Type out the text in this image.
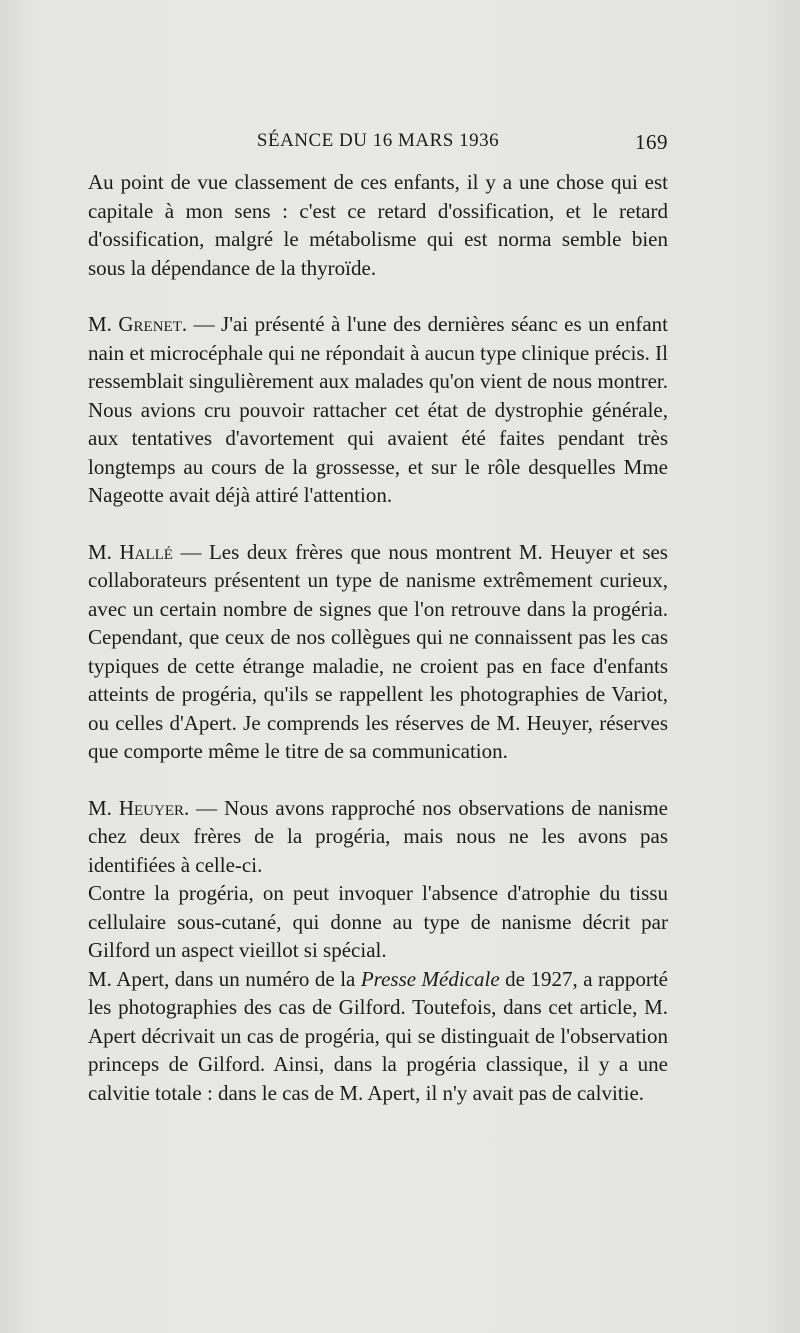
SÉANCE DU 16 MARS 1936	169

Au point de vue classement de ces enfants, il y a une chose qui est capitale à mon sens : c'est ce retard d'ossification, et le retard d'ossification, malgré le métabolisme qui est norma semble bien sous la dépendance de la thyroïde.

M. Grenet. — J'ai présenté à l'une des dernières séanc es un enfant nain et microcéphale qui ne répondait à aucun type clinique précis. Il ressemblait singulièrement aux malades qu'on vient de nous montrer. Nous avions cru pouvoir rattacher cet état de dystrophie générale, aux tentatives d'avortement qui avaient été faites pendant très longtemps au cours de la grossesse, et sur le rôle desquelles Mme Nageotte avait déjà attiré l'attention.

M. Hallé — Les deux frères que nous montrent M. Heuyer et ses collaborateurs présentent un type de nanisme extrêmement curieux, avec un certain nombre de signes que l'on retrouve dans la progéria. Cependant, que ceux de nos collègues qui ne connaissent pas les cas typiques de cette étrange maladie, ne croient pas en face d'enfants atteints de progéria, qu'ils se rappellent les photographies de Variot, ou celles d'Apert. Je comprends les réserves de M. Heuyer, réserves que comporte même le titre de sa communication.

M. Heuyer. — Nous avons rapproché nos observations de nanisme chez deux frères de la progéria, mais nous ne les avons pas identifiées à celle-ci.

Contre la progéria, on peut invoquer l'absence d'atrophie du tissu cellulaire sous-cutané, qui donne au type de nanisme décrit par Gilford un aspect vieillot si spécial.

M. Apert, dans un numéro de la Presse Médicale de 1927, a rapporté les photographies des cas de Gilford. Toutefois, dans cet article, M. Apert décrivait un cas de progéria, qui se distinguait de l'observation princeps de Gilford. Ainsi, dans la progéria classique, il y a une calvitie totale : dans le cas de M. Apert, il n'y avait pas de calvitie.
